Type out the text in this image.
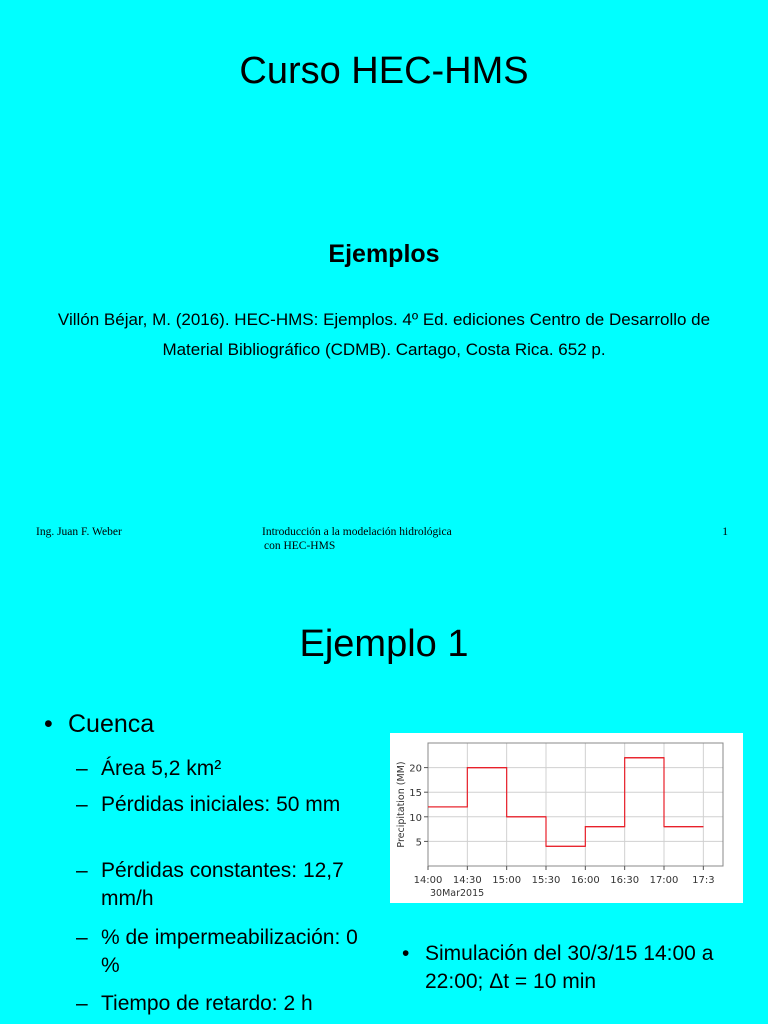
Curso HEC-HMS
Ejemplos
Villón Béjar, M. (2016). HEC-HMS: Ejemplos. 4º Ed. ediciones Centro de Desarrollo de Material Bibliográfico (CDMB). Cartago, Costa Rica. 652 p.
Ing. Juan F. Weber	Introducción a la modelación hidrológica
con HEC-HMS
1
Ejemplo 1
• Cuenca
– Área 5,2 km²
– Pérdidas iniciales: 50 mm
– Pérdidas constantes: 12,7 mm/h
– % de impermeabilización: 0 %
– Tiempo de retardo: 2 h
5
10
15
20
14:00 14:30 15:00 15:30 16:00 16:30 17:00 17:3
30Mar2015
Precipitation (MM)
• Simulación del 30/3/15 14:00 a 22:00; Δt = 10 min
